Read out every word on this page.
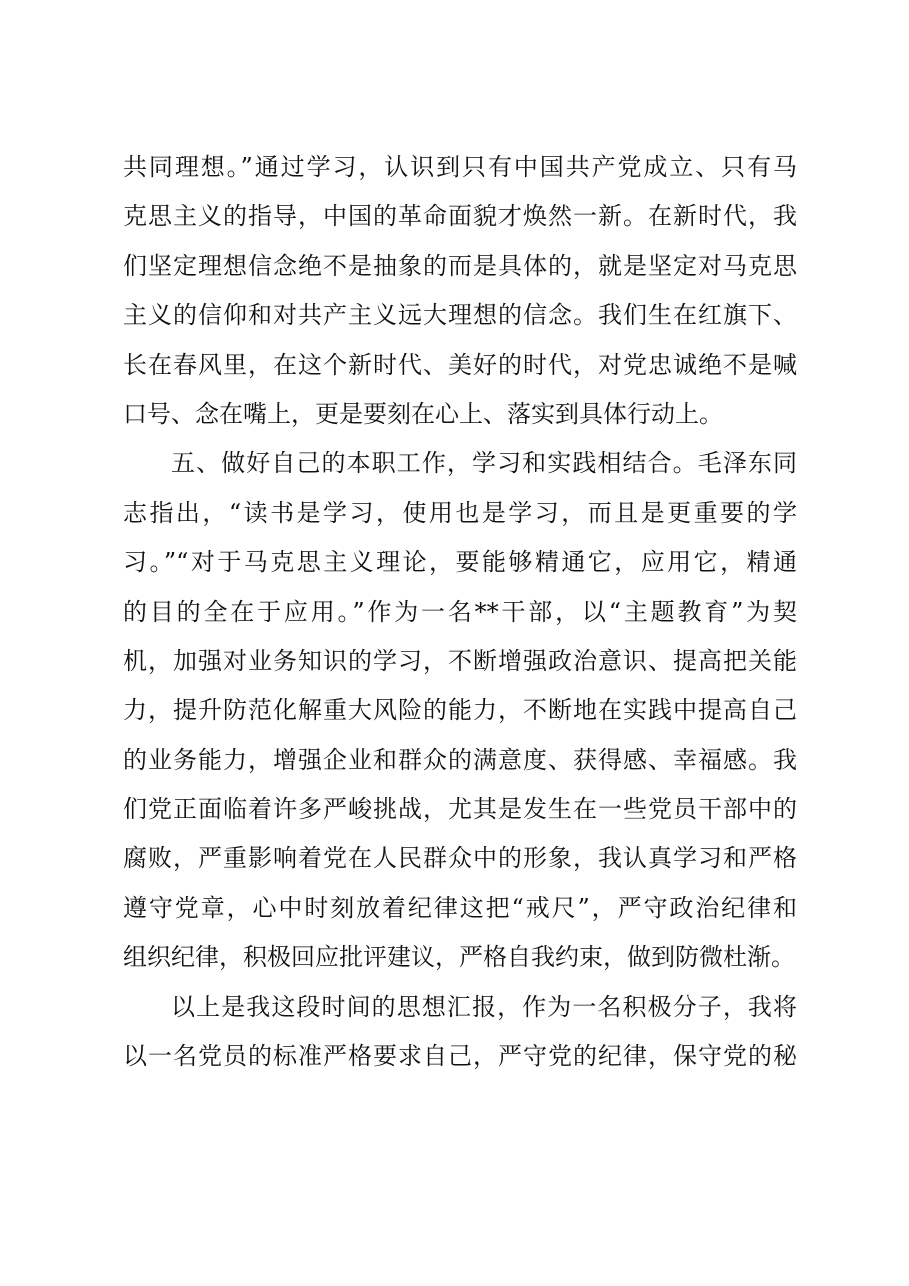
共同理想。”通过学习，认识到只有中国共产党成立、只有马
克思主义的指导，中国的革命面貌才焕然一新。在新时代，我
们坚定理想信念绝不是抽象的而是具体的，就是坚定对马克思
主义的信仰和对共产主义远大理想的信念。我们生在红旗下、
长在春风里，在这个新时代、美好的时代，对党忠诚绝不是喊
口号、念在嘴上，更是要刻在心上、落实到具体行动上。
五、做好自己的本职工作，学习和实践相结合。毛泽东同
志指出，“读书是学习，使用也是学习，而且是更重要的学
习。”“对于马克思主义理论，要能够精通它，应用它，精通
的目的全在于应用。”作为一名**干部，以“主题教育”为契
机，加强对业务知识的学习，不断增强政治意识、提高把关能
力，提升防范化解重大风险的能力，不断地在实践中提高自己
的业务能力，增强企业和群众的满意度、获得感、幸福感。我
们党正面临着许多严峻挑战，尤其是发生在一些党员干部中的
腐败，严重影响着党在人民群众中的形象，我认真学习和严格
遵守党章，心中时刻放着纪律这把“戒尺”，严守政治纪律和
组织纪律，积极回应批评建议，严格自我约束，做到防微杜渐。
以上是我这段时间的思想汇报，作为一名积极分子，我将
以一名党员的标准严格要求自己，严守党的纪律，保守党的秘
